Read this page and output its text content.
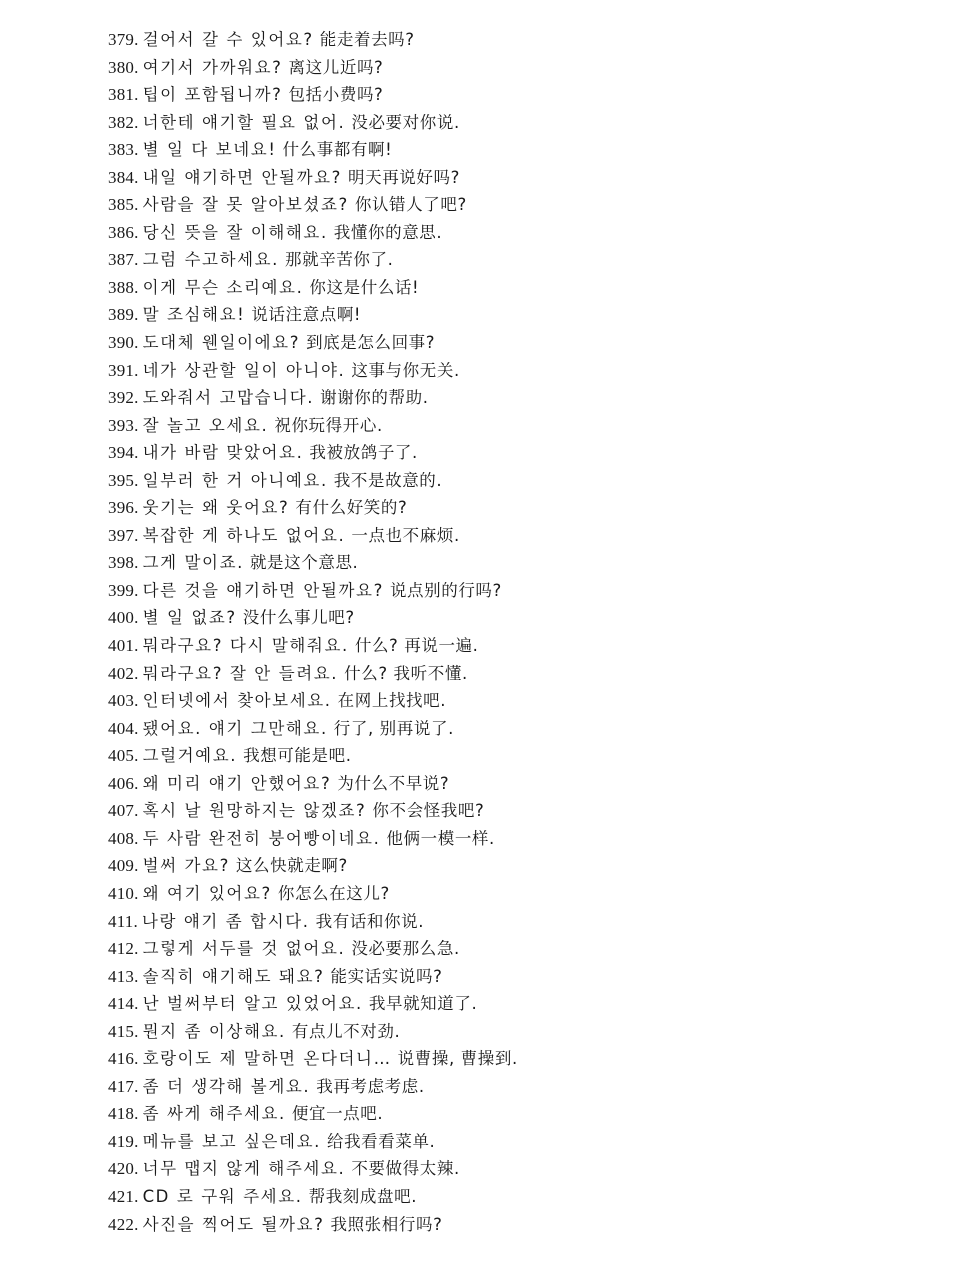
379. 걸어서 갈 수 있어요? 能走着去吗?
380. 여기서 가까워요? 离这儿近吗?
381. 팁이 포함됩니까? 包括小费吗?
382. 너한테 얘기할 필요 없어. 没必要对你说.
383. 별 일 다 보네요! 什么事都有啊!
384. 내일 얘기하면 안될까요? 明天再说好吗?
385. 사람을 잘 못 알아보셨죠? 你认错人了吧?
386. 당신 뜻을 잘 이해해요. 我懂你的意思.
387. 그럼 수고하세요. 那就辛苦你了.
388. 이게 무슨 소리예요. 你这是什么话!
389. 말 조심해요! 说话注意点啊!
390. 도대체 웬일이에요? 到底是怎么回事?
391. 네가 상관할 일이 아니야. 这事与你无关.
392. 도와줘서 고맙습니다. 谢谢你的帮助.
393. 잘 놀고 오세요. 祝你玩得开心.
394. 내가 바람 맞았어요. 我被放鸽子了.
395. 일부러 한 거 아니예요. 我不是故意的.
396. 웃기는 왜 웃어요? 有什么好笑的?
397. 복잡한 게 하나도 없어요. 一点也不麻烦.
398. 그게 말이죠. 就是这个意思.
399. 다른 것을 얘기하면 안될까요? 说点别的行吗?
400. 별 일 없죠? 没什么事儿吧?
401. 뭐라구요? 다시 말해줘요. 什么? 再说一遍.
402. 뭐라구요? 잘 안 들려요. 什么? 我听不懂.
403. 인터넷에서 찾아보세요. 在网上找找吧.
404. 됐어요. 얘기 그만해요. 行了, 别再说了.
405. 그럴거예요. 我想可能是吧.
406. 왜 미리 얘기 안했어요? 为什么不早说?
407. 혹시 날 원망하지는 않겠죠? 你不会怪我吧?
408. 두 사람 완전히 붕어빵이네요. 他俩一模一样.
409. 벌써 가요? 这么快就走啊?
410. 왜 여기 있어요? 你怎么在这儿?
411. 나랑 얘기 좀 합시다. 我有话和你说.
412. 그렇게 서두를 것 없어요. 没必要那么急.
413. 솔직히 얘기해도 돼요? 能实话实说吗?
414. 난 벌써부터 알고 있었어요. 我早就知道了.
415. 뭔지 좀 이상해요. 有点儿不对劲.
416. 호랑이도 제 말하면 온다더니… 说曹操, 曹操到.
417. 좀 더 생각해 볼게요. 我再考虑考虑.
418. 좀 싸게 해주세요. 便宜一点吧.
419. 메뉴를 보고 싶은데요. 给我看看菜单.
420. 너무 맵지 않게 해주세요. 不要做得太辣.
421. CD 로 구워 주세요. 帮我刻成盘吧.
422. 사진을 찍어도 될까요? 我照张相行吗?
